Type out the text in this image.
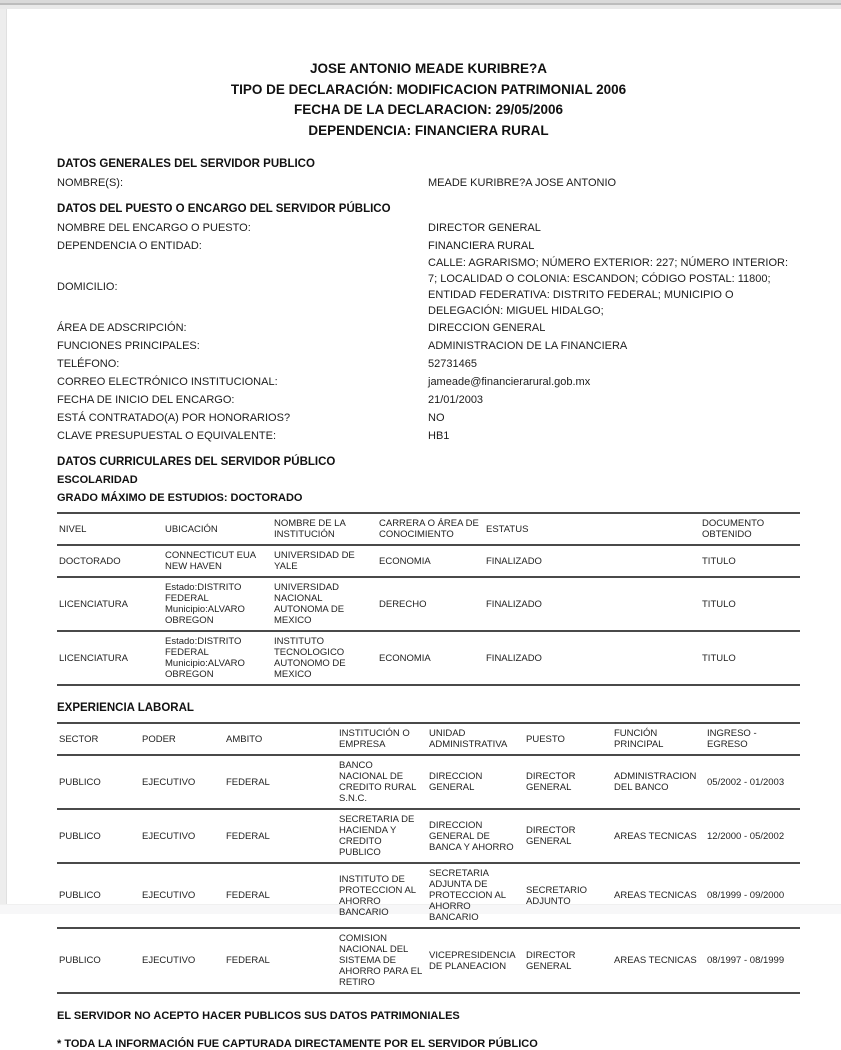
JOSE ANTONIO MEADE KURIBRE?A
TIPO DE DECLARACIÓN: MODIFICACION PATRIMONIAL 2006
FECHA DE LA DECLARACION: 29/05/2006
DEPENDENCIA: FINANCIERA RURAL
DATOS GENERALES DEL SERVIDOR PUBLICO
NOMBRE(S):	MEADE KURIBRE?A JOSE ANTONIO
DATOS DEL PUESTO O ENCARGO DEL SERVIDOR PÚBLICO
NOMBRE DEL ENCARGO O PUESTO:	DIRECTOR GENERAL
DEPENDENCIA O ENTIDAD:	FINANCIERA RURAL
DOMICILIO:
CALLE: AGRARISMO; NÚMERO EXTERIOR: 227; NÚMERO INTERIOR: 7; LOCALIDAD O COLONIA: ESCANDON; CÓDIGO POSTAL: 11800; ENTIDAD FEDERATIVA: DISTRITO FEDERAL; MUNICIPIO O DELEGACIÓN: MIGUEL HIDALGO;
ÁREA DE ADSCRIPCIÓN:	DIRECCION GENERAL
FUNCIONES PRINCIPALES:	ADMINISTRACION DE LA FINANCIERA
TELÉFONO:	52731465
CORREO ELECTRÓNICO INSTITUCIONAL:	jameade@financierarural.gob.mx
FECHA DE INICIO DEL ENCARGO:	21/01/2003
ESTÁ CONTRATADO(A) POR HONORARIOS?	NO
CLAVE PRESUPUESTAL O EQUIVALENTE:	HB1
DATOS CURRICULARES DEL SERVIDOR PÚBLICO
ESCOLARIDAD
GRADO MÁXIMO DE ESTUDIOS: DOCTORADO
NIVEL	UBICACIÓN	NOMBRE DE LA INSTITUCIÓN	CARRERA O ÁREA DE CONOCIMIENTO	ESTATUS		DOCUMENTO OBTENIDO
DOCTORADO	CONNECTICUT EUA NEW HAVEN	UNIVERSIDAD DE YALE	ECONOMIA	FINALIZADO		TITULO
LICENCIATURA	Estado:DISTRITO FEDERAL Municipio:ALVARO OBREGON	UNIVERSIDAD NACIONAL AUTONOMA DE MEXICO	DERECHO	FINALIZADO		TITULO
LICENCIATURA	Estado:DISTRITO FEDERAL Municipio:ALVARO OBREGON	INSTITUTO TECNOLOGICO AUTONOMO DE MEXICO	ECONOMIA	FINALIZADO		TITULO
EXPERIENCIA LABORAL
SECTOR	PODER	AMBITO	INSTITUCIÓN O EMPRESA	UNIDAD ADMINISTRATIVA	PUESTO	FUNCIÓN PRINCIPAL	INGRESO - EGRESO
PUBLICO	EJECUTIVO	FEDERAL	BANCO NACIONAL DE CREDITO RURAL S.N.C.	DIRECCION GENERAL	DIRECTOR GENERAL	ADMINISTRACION DEL BANCO	05/2002 - 01/2003
PUBLICO	EJECUTIVO	FEDERAL	SECRETARIA DE HACIENDA Y CREDITO PUBLICO	DIRECCION GENERAL DE BANCA Y AHORRO	DIRECTOR GENERAL	AREAS TECNICAS	12/2000 - 05/2002
PUBLICO	EJECUTIVO	FEDERAL	INSTITUTO DE PROTECCION AL AHORRO BANCARIO	SECRETARIA ADJUNTA DE PROTECCION AL AHORRO BANCARIO	SECRETARIO ADJUNTO	AREAS TECNICAS	08/1999 - 09/2000
PUBLICO	EJECUTIVO	FEDERAL	COMISION NACIONAL DEL SISTEMA DE AHORRO PARA EL RETIRO	VICEPRESIDENCIA DE PLANEACION	DIRECTOR GENERAL	AREAS TECNICAS	08/1997 - 08/1999
EL SERVIDOR NO ACEPTO HACER PUBLICOS SUS DATOS PATRIMONIALES
* TODA LA INFORMACIÓN FUE CAPTURADA DIRECTAMENTE POR EL SERVIDOR PÚBLICO
